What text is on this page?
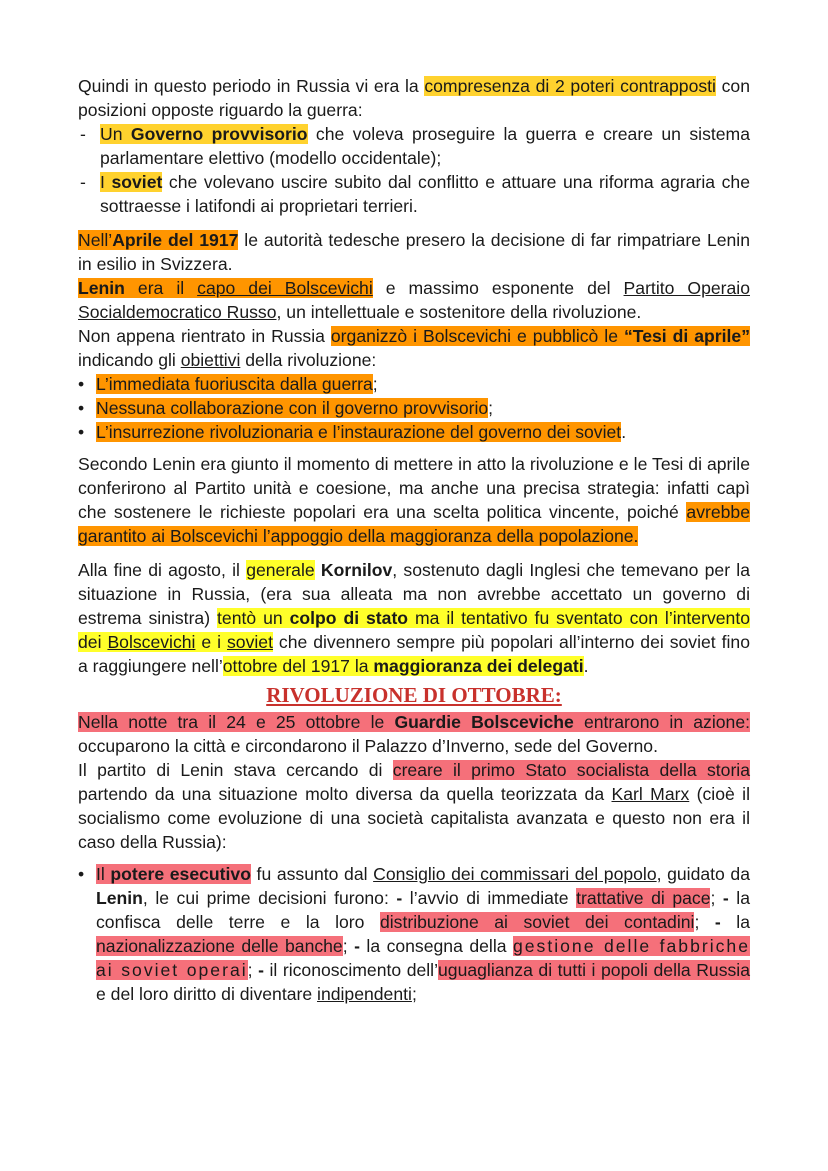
Quindi in questo periodo in Russia vi era la compresenza di 2 poteri contrapposti con posizioni opposte riguardo la guerra:

- Un Governo provvisorio che voleva proseguire la guerra e creare un sistema parlamentare elettivo (modello occidentale);
- I soviet che volevano uscire subito dal conflitto e attuare una riforma agraria che sottraesse i latifondi ai proprietari terrieri.

Nell’Aprile del 1917 le autorità tedesche presero la decisione di far rimpatriare Lenin in esilio in Svizzera.

Lenin era il capo dei Bolscevichi e massimo esponente del Partito Operaio Socialdemocratico Russo, un intellettuale e sostenitore della rivoluzione.

Non appena rientrato in Russia organizzò i Bolscevichi e pubblicò le “Tesi di aprile” indicando gli obiettivi della rivoluzione:

• L’immediata fuoriuscita dalla guerra;
• Nessuna collaborazione con il governo provvisorio;
• L’insurrezione rivoluzionaria e l’instaurazione del governo dei soviet.

Secondo Lenin era giunto il momento di mettere in atto la rivoluzione e le Tesi di aprile conferirono al Partito unità e coesione, ma anche una precisa strategia: infatti capì che sostenere le richieste popolari era una scelta politica vincente, poiché avrebbe garantito ai Bolscevichi l’appoggio della maggioranza della popolazione.

Alla fine di agosto, il generale Kornilov, sostenuto dagli Inglesi che temevano per la situazione in Russia, (era sua alleata ma non avrebbe accettato un governo di estrema sinistra) tentò un colpo di stato ma il tentativo fu sventato con l’intervento dei Bolscevichi e i soviet che divennero sempre più popolari all’interno dei soviet fino a raggiungere nell’ottobre del 1917 la maggioranza dei delegati.

RIVOLUZIONE DI OTTOBRE:

Nella notte tra il 24 e 25 ottobre le Guardie Bolsceviche entrarono in azione: occuparono la città e circondarono il Palazzo d’Inverno, sede del Governo.

Il partito di Lenin stava cercando di creare il primo Stato socialista della storia partendo da una situazione molto diversa da quella teorizzata da Karl Marx (cioè il socialismo come evoluzione di una società capitalista avanzata e questo non era il caso della Russia):

• Il potere esecutivo fu assunto dal Consiglio dei commissari del popolo, guidato da Lenin, le cui prime decisioni furono: - l’avvio di immediate trattative di pace; - la confisca delle terre e la loro distribuzione ai soviet dei contadini; - la nazionalizzazione delle banche; - la consegna della gestione delle fabbriche ai soviet operai; - il riconoscimento dell’uguaglianza di tutti i popoli della Russia e del loro diritto di diventare indipendenti;
